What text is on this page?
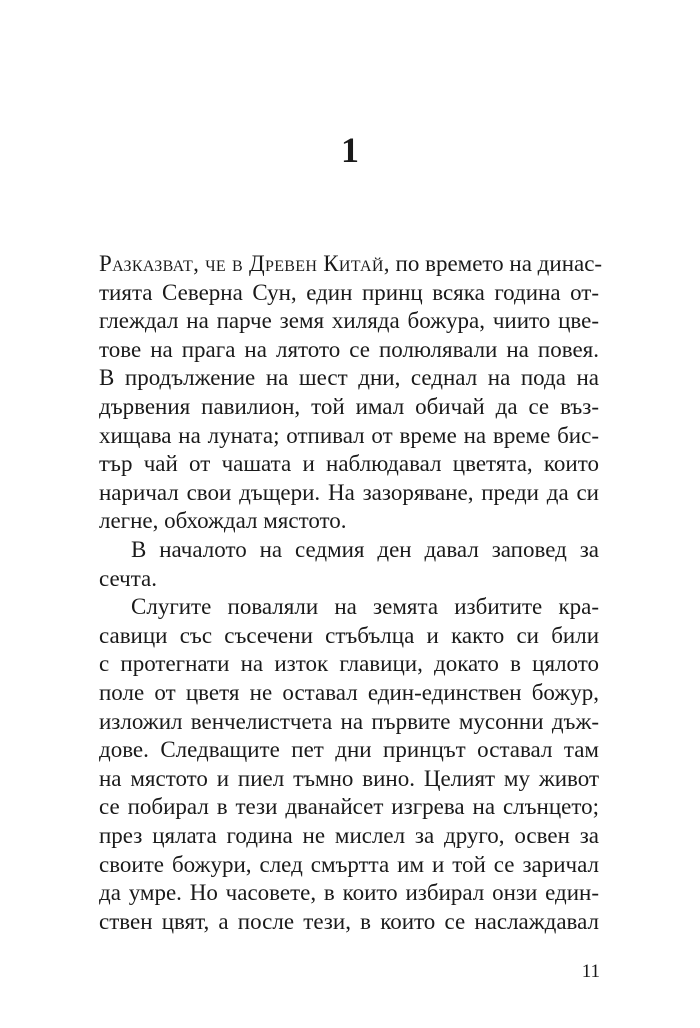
1
Разказват, че в Древен Китай, по времето на динас-
тията Северна Сун, един принц всяка година от-
глеждал на парче земя хиляда божура, чиито цве-
тове на прага на лятото се полюлявали на повея.
В продължение на шест дни, седнал на пода на
дървения павилион, той имал обичай да се въз-
хищава на луната; отпивал от време на време бис-
тър чай от чашата и наблюдавал цветята, които
наричал свои дъщери. На зазоряване, преди да си
легне, обхождал мястото.
В началото на седмия ден давал заповед за
сечта.
Слугите поваляли на земята избитите кра-
савици със съсечени стъбълца и както си били
с протегнати на изток главици, докато в цялото
поле от цветя не оставал един-единствен божур,
изложил венчелистчета на първите мусонни дъж-
дове. Следващите пет дни принцът оставал там
на мястото и пиел тъмно вино. Целият му живот
се побирал в тези дванайсет изгрева на слънцето;
през цялата година не мислел за друго, освен за
11
своите божури, след смъртта им и той се заричал
да умре. Но часовете, в които избирал онзи един-
ствен цвят, а после тези, в които се наслаждавал
